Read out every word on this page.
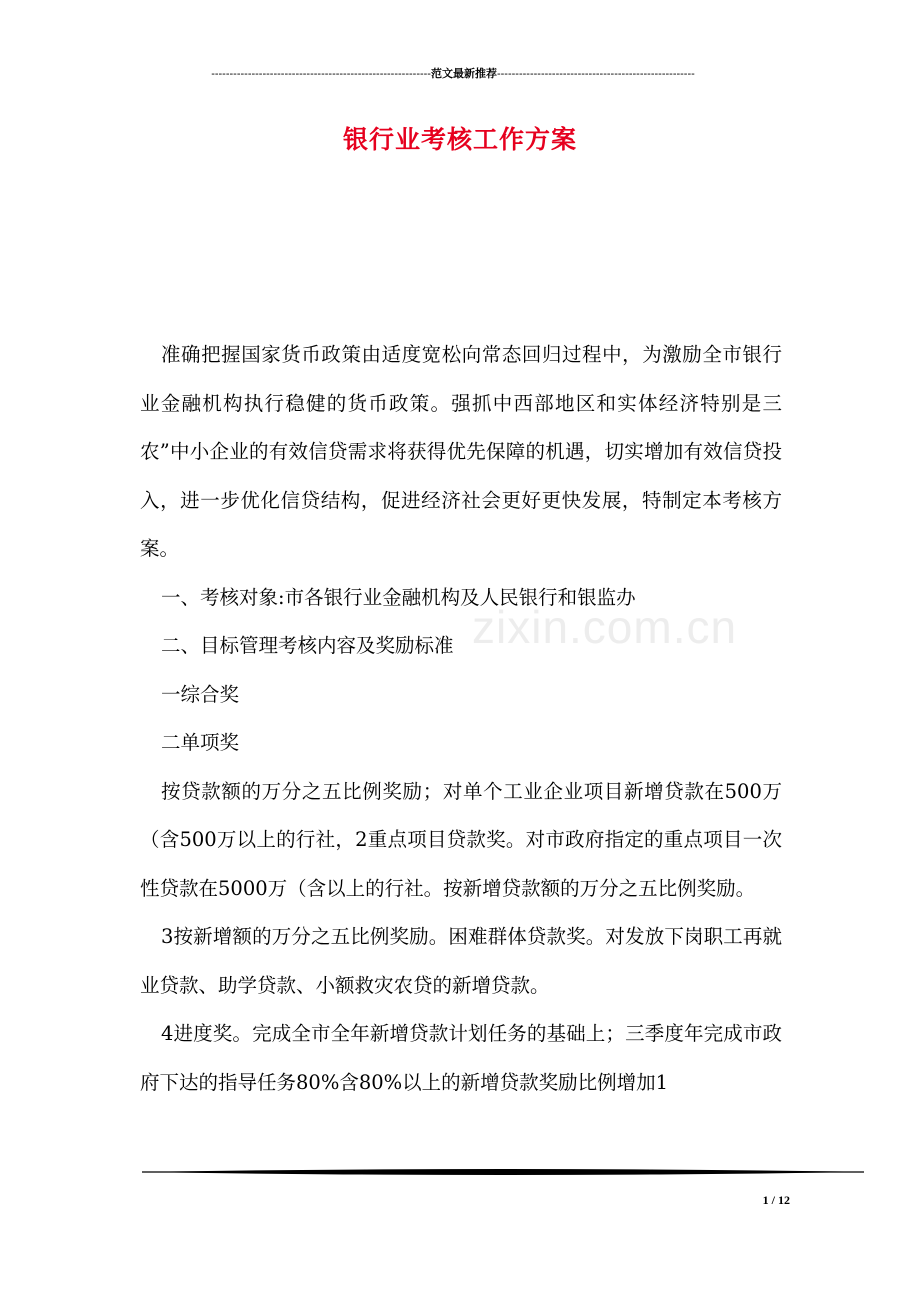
------------------------------------------------------------范文最新推荐------------------------------------------------------
银行业考核工作方案
zixin.com.cn

准确把握国家货币政策由适度宽松向常态回归过程中，为激励全市银行业金融机构执行稳健的货币政策。强抓中西部地区和实体经济特别是三农”中小企业的有效信贷需求将获得优先保障的机遇，切实增加有效信贷投入，进一步优化信贷结构，促进经济社会更好更快发展，特制定本考核方案。

一、考核对象:市各银行业金融机构及人民银行和银监办

二、目标管理考核内容及奖励标准

一综合奖

二单项奖

按贷款额的万分之五比例奖励；对单个工业企业项目新增贷款在500万（含500万以上的行社，2重点项目贷款奖。对市政府指定的重点项目一次性贷款在5000万（含以上的行社。按新增贷款额的万分之五比例奖励。

3按新增额的万分之五比例奖励。困难群体贷款奖。对发放下岗职工再就业贷款、助学贷款、小额救灾农贷的新增贷款。

4进度奖。完成全市全年新增贷款计划任务的基础上；三季度年完成市政府下达的指导任务80%含80%以上的新增贷款奖励比例增加1

1 / 12
